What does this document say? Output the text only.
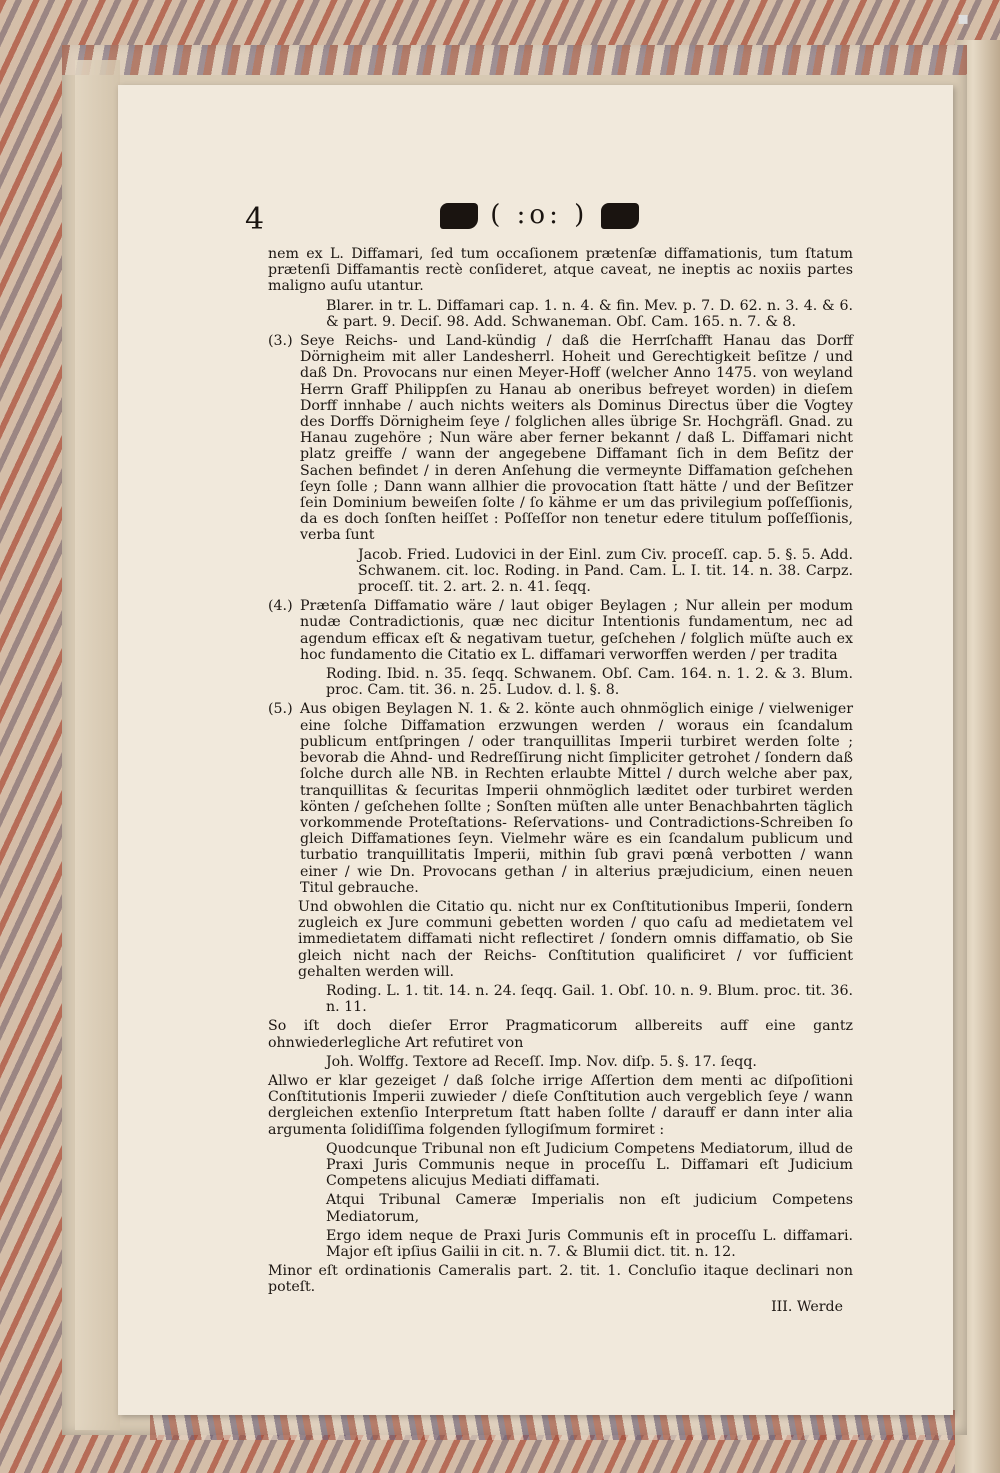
▪
4	( :o: )

nem ex L. Diffamari, ſed tum occaſionem prætenſæ diffamationis, tum ſtatum prætenſi Diffamantis rectè conſideret, atque caveat, ne ineptis ac noxiis partes maligno auſu utantur.

Blarer. in tr. L. Diffamari cap. 1. n. 4. & fin. Mev. p. 7. D. 62. n. 3. 4. & 6. & part. 9. Deciſ. 98. Add. Schwaneman. Obſ. Cam. 165. n. 7. & 8.

(3.) Seye Reichs- und Land-kündig / daß die Herrſchafft Hanau das Dorff Dörnigheim mit aller Landesherrl. Hoheit und Gerechtigkeit beſitze / und daß Dn. Provocans nur einen Meyer-Hoff (welcher Anno 1475. von weyland Herrn Graff Philippſen zu Hanau ab oneribus befreyet worden) in dieſem Dorff innhabe / auch nichts weiters als Dominus Directus über die Vogtey des Dorffs Dörnigheim ſeye / folglichen alles übrige Sr. Hochgräfl. Gnad. zu Hanau zugehöre ; Nun wäre aber ferner bekannt / daß L. Diffamari nicht platz greiffe / wann der angegebene Diffamant ſich in dem Beſitz der Sachen befindet / in deren Anſehung die vermeynte Diffamation geſchehen ſeyn ſolle ; Dann wann allhier die provocation ſtatt hätte / und der Beſitzer ſein Dominium beweiſen ſolte / ſo kähme er um das privilegium poſſeſſionis, da es doch ſonſten heiſſet : Poſſeſſor non tenetur edere titulum poſſeſſionis, verba ſunt

Jacob. Fried. Ludovici in der Einl. zum Civ. proceſſ. cap. 5. §. 5. Add. Schwanem. cit. loc. Roding. in Pand. Cam. L. I. tit. 14. n. 38. Carpz. proceſſ. tit. 2. art. 2. n. 41. ſeqq.

(4.) Prætenſa Diffamatio wäre / laut obiger Beylagen ; Nur allein per modum nudæ Contradictionis, quæ nec dicitur Intentionis fundamentum, nec ad agendum efficax eſt & negativam tuetur, geſchehen / folglich müſte auch ex hoc fundamento die Citatio ex L. diffamari verworffen werden / per tradita

Roding. Ibid. n. 35. ſeqq. Schwanem. Obſ. Cam. 164. n. 1. 2. & 3. Blum. proc. Cam. tit. 36. n. 25. Ludov. d. l. §. 8.

(5.) Aus obigen Beylagen N. 1. & 2. könte auch ohnmöglich einige / vielweniger eine ſolche Diffamation erzwungen werden / woraus ein ſcandalum publicum entſpringen / oder tranquillitas Imperii turbiret werden ſolte ; bevorab die Ahnd- und Redreſſirung nicht ſimpliciter getrohet / ſondern daß ſolche durch alle NB. in Rechten erlaubte Mittel / durch welche aber pax, tranquillitas & ſecuritas Imperii ohnmöglich læditet oder turbiret werden könten / geſchehen ſollte ; Sonſten müſten alle unter Benachbahrten täglich vorkommende Proteſtations- Reſervations- und Contradictions-Schreiben ſo gleich Diffamationes ſeyn. Vielmehr wäre es ein ſcandalum publicum und turbatio tranquillitatis Imperii, mithin ſub gravi pœnâ verbotten / wann einer / wie Dn. Provocans gethan / in alterius præjudicium, einen neuen Titul gebrauche.

Und obwohlen die Citatio qu. nicht nur ex Conſtitutionibus Imperii, ſondern zugleich ex Jure communi gebetten worden / quo caſu ad medietatem vel immedietatem diffamati nicht reflectiret / ſondern omnis diffamatio, ob Sie gleich nicht nach der Reichs- Conſtitution qualificiret / vor ſufficient gehalten werden will.

Roding. L. 1. tit. 14. n. 24. ſeqq. Gail. 1. Obſ. 10. n. 9. Blum. proc. tit. 36. n. 11.

So iſt doch dieſer Error Pragmaticorum allbereits auff eine gantz ohnwiederlegliche Art refutiret von

Joh. Wolffg. Textore ad Receſſ. Imp. Nov. diſp. 5. §. 17. ſeqq.

Allwo er klar gezeiget / daß ſolche irrige Aſſertion dem menti ac diſpoſitioni Conſtitutionis Imperii zuwieder / dieſe Conſtitution auch vergeblich ſeye / wann dergleichen extenſio Interpretum ſtatt haben ſollte / darauff er dann inter alia argumenta ſolidiſſima folgenden ſyllogiſmum formiret :

Quodcunque Tribunal non eſt Judicium Competens Mediatorum, illud de Praxi Juris Communis neque in proceſſu L. Diffamari eſt Judicium Competens alicujus Mediati diffamati.

Atqui Tribunal Cameræ Imperialis non eſt judicium Competens Mediatorum,

Ergo idem neque de Praxi Juris Communis eſt in proceſſu L. diffamari. Major eſt ipſius Gailii in cit. n. 7. & Blumii dict. tit. n. 12.

Minor eſt ordinationis Cameralis part. 2. tit. 1. Concluſio itaque declinari non poteſt.

III. Werde
